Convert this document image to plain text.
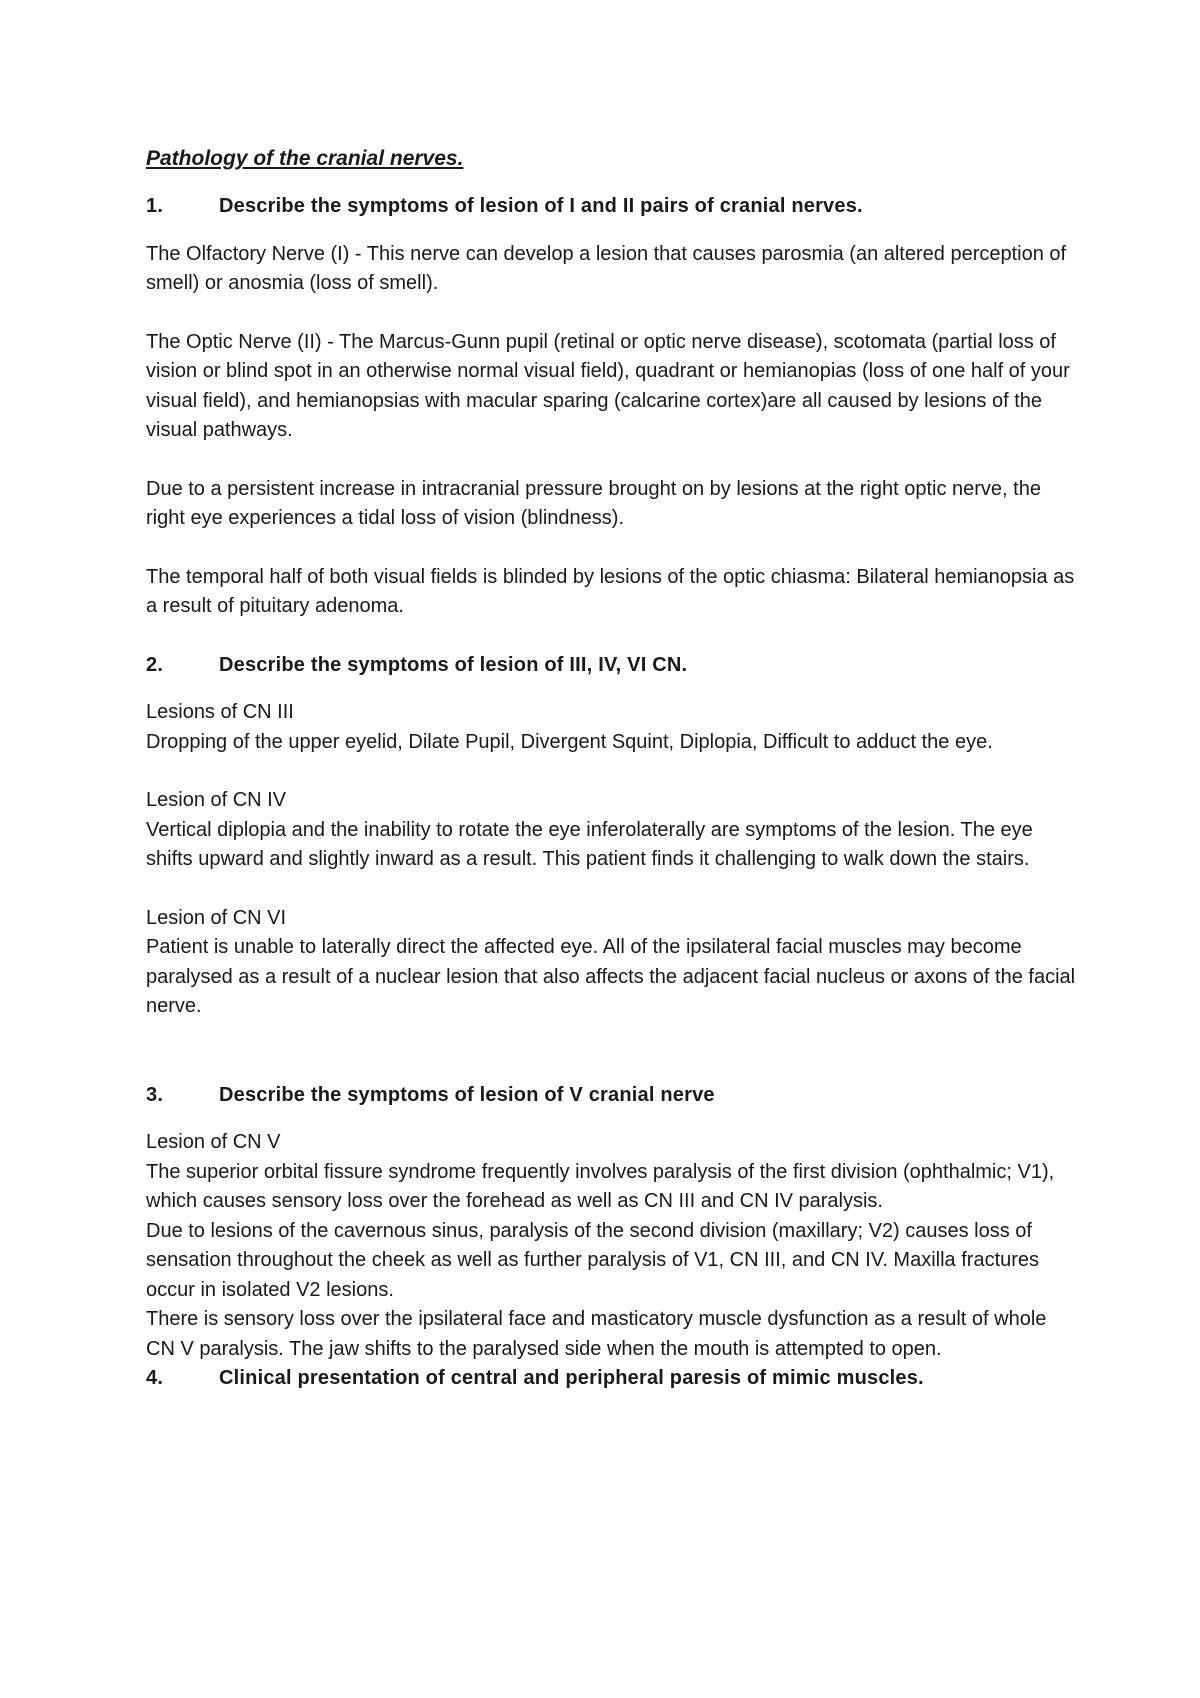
Pathology of the cranial nerves.
1.	Describe the symptoms of lesion of I and II pairs of cranial nerves.

The Olfactory Nerve (I) - This nerve can develop a lesion that causes parosmia (an altered perception of smell) or anosmia (loss of smell).

The Optic Nerve (II) - The Marcus-Gunn pupil (retinal or optic nerve disease), scotomata (partial loss of vision or blind spot in an otherwise normal visual field), quadrant or hemianopias (loss of one half of your visual field), and hemianopsias with macular sparing (calcarine cortex)are all caused by lesions of the visual pathways.

Due to a persistent increase in intracranial pressure brought on by lesions at the right optic nerve, the right eye experiences a tidal loss of vision (blindness).

The temporal half of both visual fields is blinded by lesions of the optic chiasma: Bilateral hemianopsia as a result of pituitary adenoma.

2.	Describe the symptoms of lesion of III, IV, VI CN.
Lesions of CN III
Dropping of the upper eyelid, Dilate Pupil, Divergent Squint, Diplopia, Difficult to adduct the eye.
Lesion of CN IV
Vertical diplopia and the inability to rotate the eye inferolaterally are symptoms of the lesion. The eye shifts upward and slightly inward as a result. This patient finds it challenging to walk down the stairs.
Lesion of CN VI
Patient is unable to laterally direct the affected eye. All of the ipsilateral facial muscles may become paralysed as a result of a nuclear lesion that also affects the adjacent facial nucleus or axons of the facial nerve.
3.	Describe the symptoms of lesion of V cranial nerve
Lesion of CN V
The superior orbital fissure syndrome frequently involves paralysis of the first division (ophthalmic; V1), which causes sensory loss over the forehead as well as CN III and CN IV paralysis.
Due to lesions of the cavernous sinus, paralysis of the second division (maxillary; V2) causes loss of sensation throughout the cheek as well as further paralysis of V1, CN III, and CN IV. Maxilla fractures occur in isolated V2 lesions.
There is sensory loss over the ipsilateral face and masticatory muscle dysfunction as a result of whole CN V paralysis. The jaw shifts to the paralysed side when the mouth is attempted to open.
4.	Clinical presentation of central and peripheral paresis of mimic muscles.
